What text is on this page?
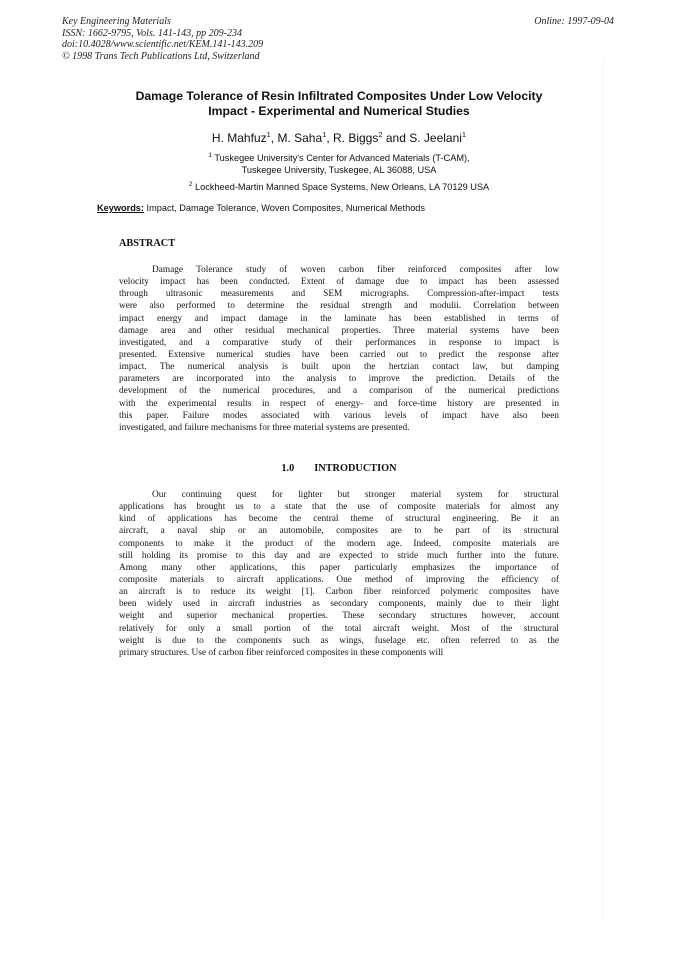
Key Engineering Materials
ISSN: 1662-9795, Vols. 141-143, pp 209-234
doi:10.4028/www.scientific.net/KEM.141-143.209
© 1998 Trans Tech Publications Ltd, Switzerland
Online: 1997-09-04
Damage Tolerance of Resin Infiltrated Composites Under Low Velocity
Impact - Experimental and Numerical Studies
H. Mahfuz$^1$, M. Saha$^1$, R. Biggs$^2$ and S. Jeelani$^1$
$^1$ Tuskegee University's Center for Advanced Materials (T-CAM),
Tuskegee University, Tuskegee, AL 36088, USA
$^2$ Lockheed-Martin Manned Space Systems, New Orleans, LA 70129 USA
Keywords: Impact, Damage Tolerance, Woven Composites, Numerical Methods
ABSTRACT
Damage Tolerance study of woven carbon fiber reinforced composites after low
velocity impact has been conducted. Extent of damage due to impact has been assessed
through ultrasonic measurements and SEM micrographs. Compression-after-impact tests
were also performed to determine the residual strength and modulii. Correlation between
impact energy and impact damage in the laminate has been established in terms of
damage area and other residual mechanical properties. Three material systems have been
investigated, and a comparative study of their performances in response to impact is
presented. Extensive numerical studies have been carried out to predict the response after
impact. The numerical analysis is built upon the hertzian contact law, but damping
parameters are incorporated into the analysis to improve the prediction. Details of the
development of the numerical procedures, and a comparison of the numerical predictions
with the experimental results in respect of energy- and force-time history are presented in
this paper. Failure modes associated with various levels of impact have also been
investigated, and failure mechanisms for three material systems are presented.
1.0 INTRODUCTION
Our continuing quest for lighter but stronger material system for structural
applications has brought us to a state that the use of composite materials for almost any
kind of applications has become the central theme of structural engineering. Be it an
aircraft, a naval ship or an automobile, composites are to be part of its structural
components to make it the product of the modern age. Indeed, composite materials are
still holding its promise to this day and are expected to stride much further into the future.
Among many other applications, this paper particularly emphasizes the importance of
composite materials to aircraft applications. One method of improving the efficiency of
an aircraft is to reduce its weight [1]. Carbon fiber reinforced polymeric composites have
been widely used in aircraft industries as secondary components, mainly due to their light
weight and superior mechanical properties. These secondary structures however, account
relatively for only a small portion of the total aircraft weight. Most of the structural
weight is due to the components such as wings, fuselage etc. often referred to as the
primary structures. Use of carbon fiber reinforced composites in these components will
